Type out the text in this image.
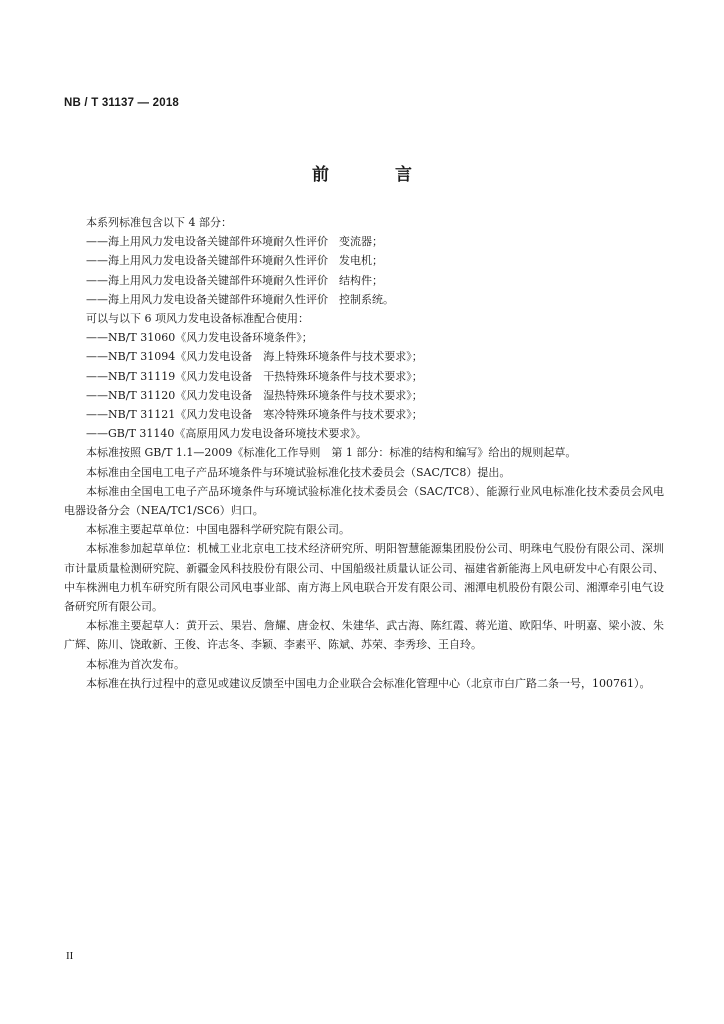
NB / T 31137 — 2018
前 言

本系列标准包含以下 4 部分：

——海上用风力发电设备关键部件环境耐久性评价　变流器；

——海上用风力发电设备关键部件环境耐久性评价　发电机；

——海上用风力发电设备关键部件环境耐久性评价　结构件；

——海上用风力发电设备关键部件环境耐久性评价　控制系统。

可以与以下 6 项风力发电设备标准配合使用：

——NB/T 31060《风力发电设备环境条件》；

——NB/T 31094《风力发电设备　海上特殊环境条件与技术要求》；

——NB/T 31119《风力发电设备　干热特殊环境条件与技术要求》；

——NB/T 31120《风力发电设备　湿热特殊环境条件与技术要求》；

——NB/T 31121《风力发电设备　寒冷特殊环境条件与技术要求》；

——GB/T 31140《高原用风力发电设备环境技术要求》。

本标准按照 GB/T 1.1—2009《标准化工作导则　第 1 部分：标准的结构和编写》给出的规则起草。

本标准由全国电工电子产品环境条件与环境试验标准化技术委员会（SAC/TC8）提出。

本标准由全国电工电子产品环境条件与环境试验标准化技术委员会（SAC/TC8）、能源行业风电标准化技术委员会风电电器设备分会（NEA/TC1/SC6）归口。

本标准主要起草单位：中国电器科学研究院有限公司。

本标准参加起草单位：机械工业北京电工技术经济研究所、明阳智慧能源集团股份公司、明珠电气股份有限公司、深圳市计量质量检测研究院、新疆金风科技股份有限公司、中国船级社质量认证公司、福建省新能海上风电研发中心有限公司、中车株洲电力机车研究所有限公司风电事业部、南方海上风电联合开发有限公司、湘潭电机股份有限公司、湘潭牵引电气设备研究所有限公司。

本标准主要起草人：黄开云、果岩、詹耀、唐金权、朱建华、武古海、陈红霞、蒋光道、欧阳华、叶明嘉、梁小波、朱广辉、陈川、饶敢新、王俊、许志冬、李颖、李素平、陈斌、苏荣、李秀珍、王自玲。

本标准为首次发布。

本标准在执行过程中的意见或建议反馈至中国电力企业联合会标准化管理中心（北京市白广路二条一号，100761）。

II
